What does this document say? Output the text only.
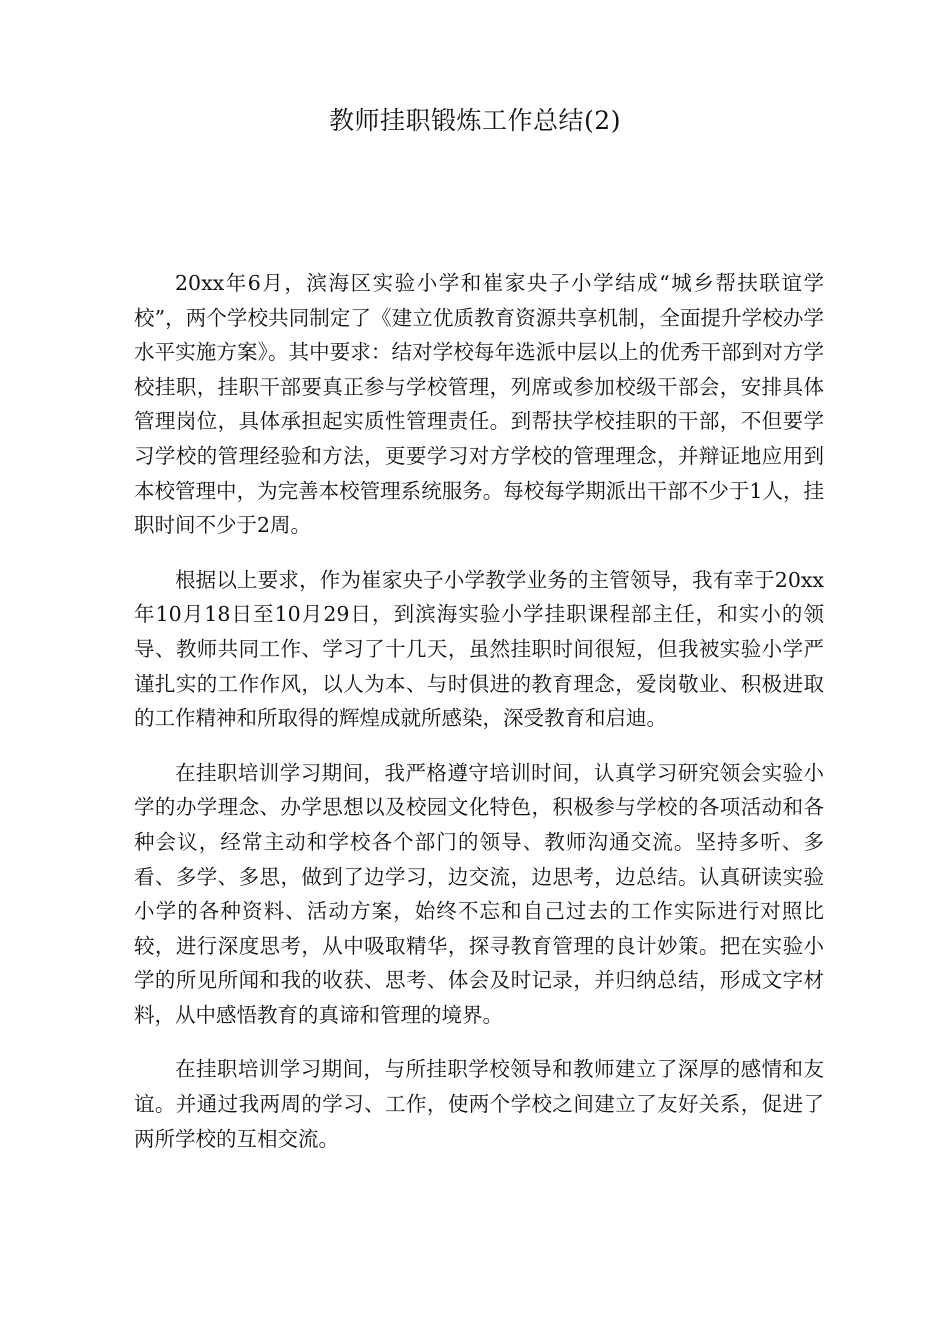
教师挂职锻炼工作总结(2)

20xx年6月，滨海区实验小学和崔家央子小学结成“城乡帮扶联谊学校”，两个学校共同制定了《建立优质教育资源共享机制，全面提升学校办学水平实施方案》。其中要求：结对学校每年选派中层以上的优秀干部到对方学校挂职，挂职干部要真正参与学校管理，列席或参加校级干部会，安排具体管理岗位，具体承担起实质性管理责任。到帮扶学校挂职的干部，不但要学习学校的管理经验和方法，更要学习对方学校的管理理念，并辩证地应用到本校管理中，为完善本校管理系统服务。每校每学期派出干部不少于1人，挂职时间不少于2周。

根据以上要求，作为崔家央子小学教学业务的主管领导，我有幸于20xx年10月18日至10月29日，到滨海实验小学挂职课程部主任，和实小的领导、教师共同工作、学习了十几天，虽然挂职时间很短，但我被实验小学严谨扎实的工作作风，以人为本、与时俱进的教育理念，爱岗敬业、积极进取的工作精神和所取得的辉煌成就所感染，深受教育和启迪。

在挂职培训学习期间，我严格遵守培训时间，认真学习研究领会实验小学的办学理念、办学思想以及校园文化特色，积极参与学校的各项活动和各种会议，经常主动和学校各个部门的领导、教师沟通交流。坚持多听、多看、多学、多思，做到了边学习，边交流，边思考，边总结。认真研读实验小学的各种资料、活动方案，始终不忘和自己过去的工作实际进行对照比较，进行深度思考，从中吸取精华，探寻教育管理的良计妙策。把在实验小学的所见所闻和我的收获、思考、体会及时记录，并归纳总结，形成文字材料，从中感悟教育的真谛和管理的境界。

在挂职培训学习期间，与所挂职学校领导和教师建立了深厚的感情和友谊。并通过我两周的学习、工作，使两个学校之间建立了友好关系，促进了两所学校的互相交流。
